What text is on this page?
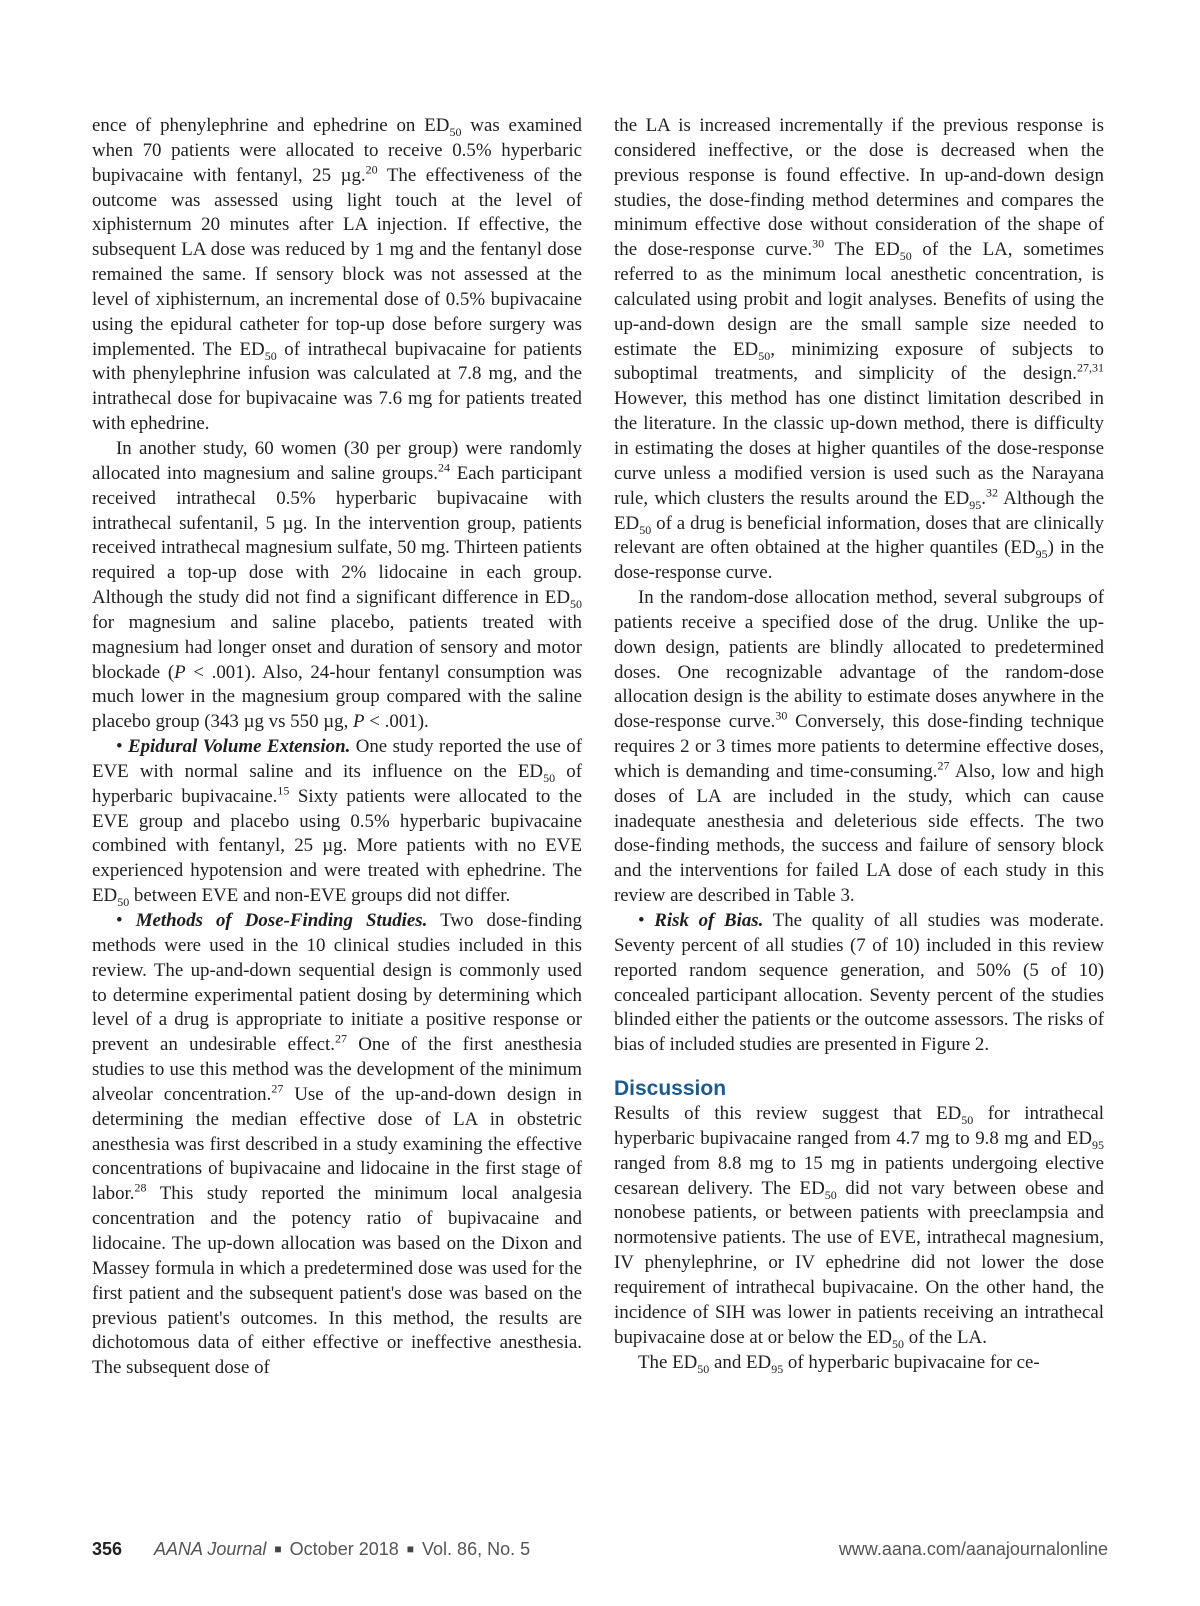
ence of phenylephrine and ephedrine on $ED_{50}$ was examined when 70 patients were allocated to receive 0.5% hyperbaric bupivacaine with fentanyl, 25 µg.$^{20}$ The effectiveness of the outcome was assessed using light touch at the level of xiphisternum 20 minutes after LA injection. If effective, the subsequent LA dose was reduced by 1 mg and the fentanyl dose remained the same. If sensory block was not assessed at the level of xiphisternum, an incremental dose of 0.5% bupivacaine using the epidural catheter for top-up dose before surgery was implemented. The $ED_{50}$ of intrathecal bupivacaine for patients with phenylephrine infusion was calculated at 7.8 mg, and the intrathecal dose for bupivacaine was 7.6 mg for patients treated with ephedrine.

In another study, 60 women (30 per group) were randomly allocated into magnesium and saline groups.$^{24}$ Each participant received intrathecal 0.5% hyperbaric bupivacaine with intrathecal sufentanil, 5 µg. In the intervention group, patients received intrathecal magnesium sulfate, 50 mg. Thirteen patients required a top-up dose with 2% lidocaine in each group. Although the study did not find a significant difference in $ED_{50}$ for magnesium and saline placebo, patients treated with magnesium had longer onset and duration of sensory and motor blockade (P < .001). Also, 24-hour fentanyl consumption was much lower in the magnesium group compared with the saline placebo group (343 µg vs 550 µg, P < .001).

• Epidural Volume Extension. One study reported the use of EVE with normal saline and its influence on the $ED_{50}$ of hyperbaric bupivacaine.$^{15}$ Sixty patients were allocated to the EVE group and placebo using 0.5% hyperbaric bupivacaine combined with fentanyl, 25 µg. More patients with no EVE experienced hypotension and were treated with ephedrine. The $ED_{50}$ between EVE and non-EVE groups did not differ.

• Methods of Dose-Finding Studies. Two dose-finding methods were used in the 10 clinical studies included in this review. The up-and-down sequential design is commonly used to determine experimental patient dosing by determining which level of a drug is appropriate to initiate a positive response or prevent an undesirable effect.$^{27}$ One of the first anesthesia studies to use this method was the development of the minimum alveolar concentration.$^{27}$ Use of the up-and-down design in determining the median effective dose of LA in obstetric anesthesia was first described in a study examining the effective concentrations of bupivacaine and lidocaine in the first stage of labor.$^{28}$ This study reported the minimum local analgesia concentration and the potency ratio of bupivacaine and lidocaine. The up-down allocation was based on the Dixon and Massey formula in which a predetermined dose was used for the first patient and the subsequent patient's dose was based on the previous patient's outcomes. In this method, the results are dichotomous data of either effective or ineffective anesthesia. The subsequent dose of

the LA is increased incrementally if the previous response is considered ineffective, or the dose is decreased when the previous response is found effective. In up-and-down design studies, the dose-finding method determines and compares the minimum effective dose without consideration of the shape of the dose-response curve.$^{30}$ The $ED_{50}$ of the LA, sometimes referred to as the minimum local anesthetic concentration, is calculated using probit and logit analyses. Benefits of using the up-and-down design are the small sample size needed to estimate the $ED_{50}$, minimizing exposure of subjects to suboptimal treatments, and simplicity of the design.$^{27,31}$ However, this method has one distinct limitation described in the literature. In the classic up-down method, there is difficulty in estimating the doses at higher quantiles of the dose-response curve unless a modified version is used such as the Narayana rule, which clusters the results around the $ED_{95}.^{32}$ Although the $ED_{50}$ of a drug is beneficial information, doses that are clinically relevant are often obtained at the higher quantiles $(ED_{95})$ in the dose-response curve.

In the random-dose allocation method, several subgroups of patients receive a specified dose of the drug. Unlike the up-down design, patients are blindly allocated to predetermined doses. One recognizable advantage of the random-dose allocation design is the ability to estimate doses anywhere in the dose-response curve.$^{30}$ Conversely, this dose-finding technique requires 2 or 3 times more patients to determine effective doses, which is demanding and time-consuming.$^{27}$ Also, low and high doses of LA are included in the study, which can cause inadequate anesthesia and deleterious side effects. The two dose-finding methods, the success and failure of sensory block and the interventions for failed LA dose of each study in this review are described in Table 3.

• Risk of Bias. The quality of all studies was moderate. Seventy percent of all studies (7 of 10) included in this review reported random sequence generation, and 50% (5 of 10) concealed participant allocation. Seventy percent of the studies blinded either the patients or the outcome assessors. The risks of bias of included studies are presented in Figure 2.

Discussion

Results of this review suggest that $ED_{50}$ for intrathecal hyperbaric bupivacaine ranged from 4.7 mg to 9.8 mg and $ED_{95}$ ranged from 8.8 mg to 15 mg in patients undergoing elective cesarean delivery. The $ED_{50}$ did not vary between obese and nonobese patients, or between patients with preeclampsia and normotensive patients. The use of EVE, intrathecal magnesium, IV phenylephrine, or IV ephedrine did not lower the dose requirement of intrathecal bupivacaine. On the other hand, the incidence of SIH was lower in patients receiving an intrathecal bupivacaine dose at or below the $ED_{50}$ of the LA.

The $ED_{50}$ and $ED_{95}$ of hyperbaric bupivacaine for ce-

356 AANA Journal ■ October 2018 ■ Vol. 86, No. 5	www.aana.com/aanajournalonline
